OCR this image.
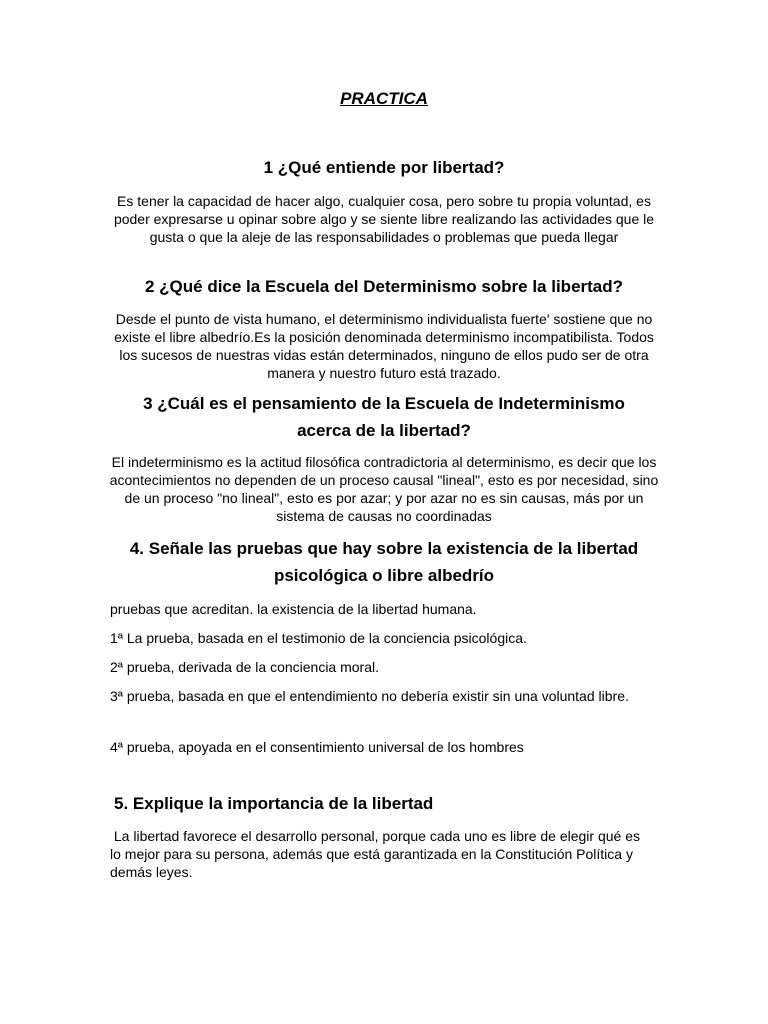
PRACTICA
1 ¿Qué entiende por libertad?
Es tener la capacidad de hacer algo, cualquier cosa, pero sobre tu propia voluntad, es poder expresarse u opinar sobre algo y se siente libre realizando las actividades que le gusta o que la aleje de las responsabilidades o problemas que pueda llegar
2 ¿Qué dice la Escuela del Determinismo sobre la libertad?
Desde el punto de vista humano, el determinismo individualista fuerte' sostiene que no existe el libre albedrío.Es la posición denominada determinismo incompatibilista. Todos los sucesos de nuestras vidas están determinados, ninguno de ellos pudo ser de otra manera y nuestro futuro está trazado.
3 ¿Cuál es el pensamiento de la Escuela de Indeterminismo acerca de la libertad?
El indeterminismo es la actitud filosófica contradictoria al determinismo, es decir que los acontecimientos no dependen de un proceso causal "lineal", esto es por necesidad, sino de un proceso "no lineal", esto es por azar; y por azar no es sin causas, más por un sistema de causas no coordinadas
4. Señale las pruebas que hay sobre la existencia de la libertad psicológica o libre albedrío
pruebas que acreditan. la existencia de la libertad humana.
1ª La prueba, basada en el testimonio de la conciencia psicológica.
2ª prueba, derivada de la conciencia moral.
3ª prueba, basada en que el entendimiento no debería existir sin una voluntad libre.
4ª prueba, apoyada en el consentimiento universal de los hombres
5. Explique la importancia de la libertad
La libertad favorece el desarrollo personal, porque cada uno es libre de elegir qué es lo mejor para su persona, además que está garantizada en la Constitución Política y demás leyes.
